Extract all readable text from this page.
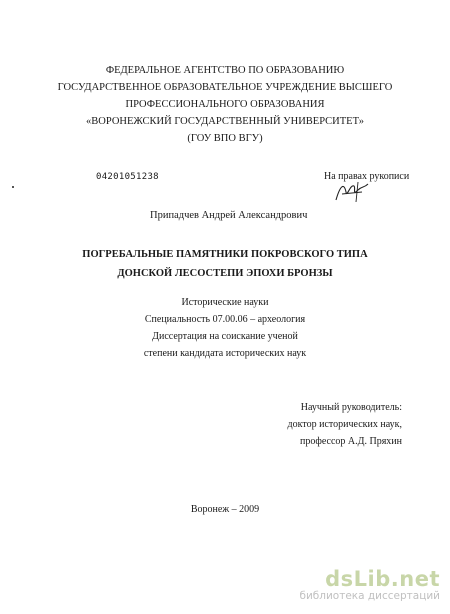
ФЕДЕРАЛЬНОЕ АГЕНТСТВО ПО ОБРАЗОВАНИЮ
ГОСУДАРСТВЕННОЕ ОБРАЗОВАТЕЛЬНОЕ УЧРЕЖДЕНИЕ ВЫСШЕГО
ПРОФЕССИОНАЛЬНОГО ОБРАЗОВАНИЯ
«ВОРОНЕЖСКИЙ ГОСУДАРСТВЕННЫЙ УНИВЕРСИТЕТ»
(ГОУ ВПО ВГУ)
04201051238	На правах рукописи
Припадчев Андрей Александрович
ПОГРЕБАЛЬНЫЕ ПАМЯТНИКИ ПОКРОВСКОГО ТИПА
ДОНСКОЙ ЛЕСОСТЕПИ ЭПОХИ БРОНЗЫ
Исторические науки
Специальность 07.00.06 – археология
Диссертация на соискание ученой
степени кандидата исторических наук
Научный руководитель:
доктор исторических наук,
профессор А.Д. Пряхин
Воронеж – 2009
dsLib.net
библиотека диссертаций
